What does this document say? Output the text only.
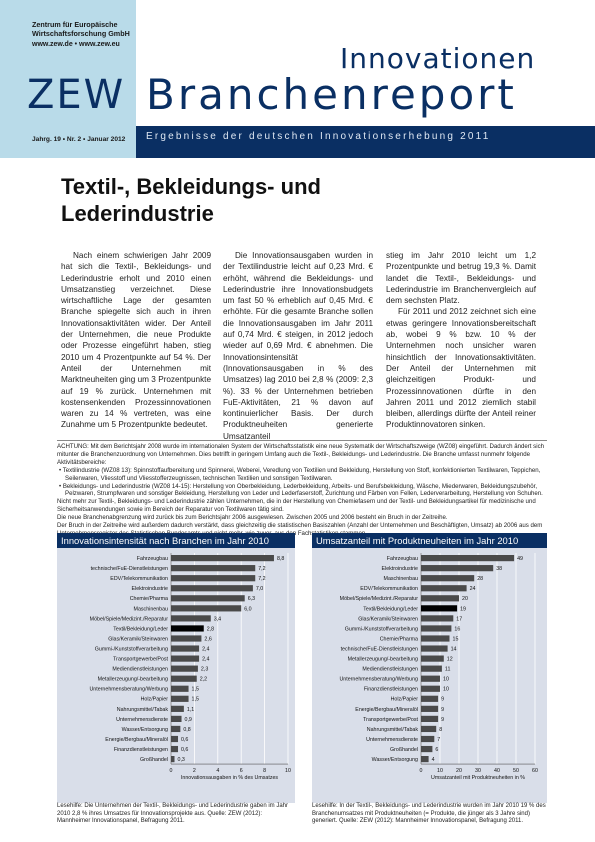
Zentrum für Europäische Wirtschaftsforschung GmbH
www.zew.de • www.zew.eu
ZEW
Jahrg. 19 • Nr. 2 • Januar 2012
Innovationen
Branchenreport
Ergebnisse der deutschen Innovationserhebung 2011
Textil-, Bekleidungs- und Lederindustrie

Nach einem schwierigen Jahr 2009 hat sich die Textil-, Bekleidungs- und Lederindustrie erholt und 2010 einen Umsatzanstieg verzeichnet. Diese wirtschaftliche Lage der gesamten Branche spiegelte sich auch in ihren Innovationsaktivitäten wider. Der Anteil der Unternehmen, die neue Produkte oder Prozesse eingeführt haben, stieg 2010 um 4 Prozentpunkte auf 54 %. Der Anteil der Unternehmen mit Marktneuheiten ging um 3 Prozentpunkte auf 19 % zurück. Unternehmen mit kostensenkenden Prozessinnovationen waren zu 14 % vertreten, was eine Zunahme um 5 Prozentpunkte bedeutet.

Die Innovationsausgaben wurden in der Textilindustrie leicht auf 0,23 Mrd. € erhöht, während die Bekleidungs- und Lederindustrie ihre Innovationsbudgets um fast 50 % erheblich auf 0,45 Mrd. € erhöhte. Für die gesamte Branche sollen die Innovationsausgaben im Jahr 2011 auf 0,74 Mrd. € steigen, in 2012 jedoch wieder auf 0,69 Mrd. € abnehmen. Die Innovationsintensität (Innovationsausgaben in % des Umsatzes) lag 2010 bei 2,8 % (2009: 2,3 %). 33 % der Unternehmen betrieben FuE-Aktivitäten, 21 % davon auf kontinuierlicher Basis. Der durch Produktneuheiten generierte Umsatzanteil

stieg im Jahr 2010 leicht um 1,2 Prozentpunkte und betrug 19,3 %. Damit landet die Textil-, Bekleidungs- und Lederindustrie im Branchenvergleich auf dem sechsten Platz.

Für 2011 und 2012 zeichnet sich eine etwas geringere Innovationsbereitschaft ab, wobei 9 % bzw. 10 % der Unternehmen noch unsicher waren hinsichtlich der Innovationsaktivitäten. Der Anteil der Unternehmen mit gleichzeitigen Produkt- und Prozessinnovationen dürfte in den Jahren 2011 und 2012 ziemlich stabil bleiben, allerdings dürfte der Anteil reiner Produktinnovatoren sinken.

ACHTUNG: Mit dem Berichtsjahr 2008 wurde im internationalen System der Wirtschaftsstatistik eine neue Systematik der Wirtschaftszweige (WZ08) eingeführt. Dadurch ändert sich mitunter die Branchenzuordnung von Unternehmen. Dies betrifft in geringem Umfang auch die Textil-, Bekleidungs- und Lederindustrie. Die Branche umfasst nunmehr folgende Aktivitätsbereiche:
• Textilindustrie (WZ08 13): Spinnstoffaufbereitung und Spinnerei, Weberei, Veredlung von Textilien und Bekleidung, Herstellung von Stoff, konfektionierten Textilwaren, Teppichen, Seilerwaren, Vliesstoff und Vliesstofferzeugnissen, technischen Textilien und sonstigen Textilwaren.
• Bekleidungs- und Lederindustrie (WZ08 14-15): Herstellung von Oberbekleidung, Lederbekleidung, Arbeits- und Berufsbekleidung, Wäsche, Miederwaren, Bekleidungszubehör, Pelzwaren, Strumpfwaren und sonstiger Bekleidung, Herstellung von Leder und Lederfaserstoff, Zurichtung und Färben von Fellen, Lederverarbeitung, Herstellung von Schuhen.
Nicht mehr zur Textil-, Bekleidungs- und Lederindustrie zählen Unternehmen, die in der Herstellung von Chemiefasern und der Textil- und Bekleidungsartikel für medizinische und Sicherheitsanwendungen sowie im Bereich der Reparatur von Textilwaren tätig sind.
Die neue Branchenabgrenzung wird zurück bis zum Berichtsjahr 2006 ausgewiesen. Zwischen 2005 und 2006 besteht ein Bruch in der Zeitreihe.
Der Bruch in der Zeitreihe wird außerdem dadurch verstärkt, dass gleichzeitig die statistischen Basiszahlen (Anzahl der Unternehmen und Beschäftigten, Umsatz) ab 2006 aus dem
Innovationsintensität nach Branchen im Jahr 2010
Fahrzeugbau	8,8
technische/FuE-Dienstleistungen	7,2
EDV/Telekommunikation	7,2
Elektroindustrie	7,0
Chemie/Pharma	6,3
Maschinenbau	6,0
Möbel/Spiele/Medizint./Reparatur	3,4
Textil/Bekleidung/Leder	2,8
Glas/Keramik/Steinwaren	2,6
Gummi-/Kunststoffverarbeitung	2,4
Transportgewerbe/Post	2,4
Mediendienstleistungen	2,3
Metallerzeugung/-bearbeitung	2,2
Unternehmensberatung/Werbung	1,5
Holz/Papier	1,5
Nahrungsmittel/Tabak	1,1
Unternehmensdienste	0,9
Wasser/Entsorgung	0,8
Energie/Bergbau/Mineralöl 0,6
Finanzdienstleistungen 0,6
Großhandel 0,3
0	2	4	6	8	10
Innovationsausgaben in % des Umsatzes
Umsatzanteil mit Produktneuheiten im Jahr 2010
Fahrzeugbau	49
Elektroindustrie	38
Maschinenbau	28
EDV/Telekommunikation	24
Möbel/Spiele/Medizint./Reparatur	20
Textil/Bekleidung/Leder	19
Glas/Keramik/Steinwaren	17
Gummi-/Kunststoffverarbeitung	16
Chemie/Pharma	15
technische/FuE-Dienstleistungen	14
Metallerzeugung/-bearbeitung	12
Mediendienstleistungen	11
Unternehmensberatung/Werbung	10
Finanzdienstleistungen	10
Holz/Papier	9
Energie/Bergbau/Mineralöl	9
Transportgewerbe/Post	9
Nahrungsmittel/Tabak	8
Unternehmensdienste	7
Großhandel	6
Wasser/Entsorgung	4
0	10 20 30 40 50 60
Umsatzanteil mit Produktneuheiten in %
Lesehilfe: Die Unternehmen der Textil-, Bekleidungs- und Lederindustrie gaben im Jahr 2010 2,8 % ihres Umsatzes für Innovationsprojekte aus. Quelle: ZEW (2012): Mannheimer Innovationspanel, Befragung 2011.
Lesehilfe: In der Textil-, Bekleidungs- und Lederindustrie wurden im Jahr 2010 19 % des Branchenumsatzes mit Produktneuheiten (= Produkte, die jünger als 3 Jahre sind) generiert. Quelle: ZEW (2012): Mannheimer Innovationspanel, Befragung 2011.
